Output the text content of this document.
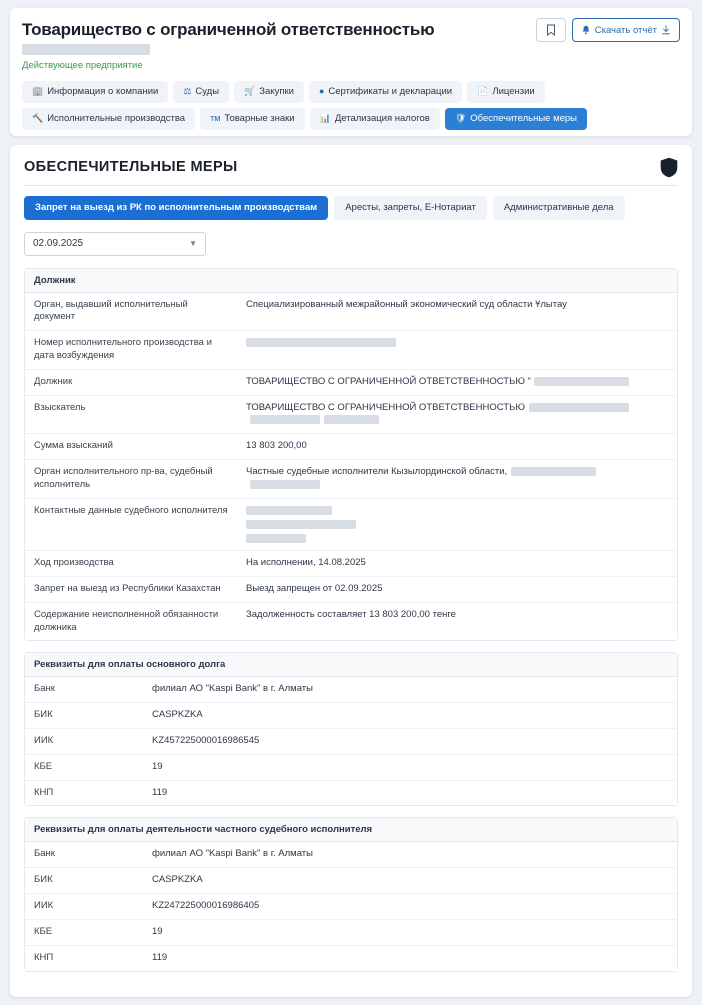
Скачать отчёт
Товарищество с ограниченной ответственностью
Действующее предприятие
🏢 Информация о компании	⚖ Суды	🛒 Закупки	● Сертификаты и декларации	📄 Лицензии
🔨 Исполнительные производства	тм Товарные знаки	📊 Детализация налогов	🛡 Обеспечительные меры
ОБЕСПЕЧИТЕЛЬНЫЕ МЕРЫ
Запрет на выезд из РК по исполнительным производствам	Аресты, запреты, Е-Нотариат	Административные дела
02.09.2025	▼
Должник
Орган, выдавший исполнительный документ	Специализированный межрайонный экономический суд области Ұлытау
Номер исполнительного производства и дата возбуждения	
Должник	ТОВАРИЩЕСТВО С ОГРАНИЧЕННОЙ ОТВЕТСТВЕННОСТЬЮ "
Взыскатель	ТОВАРИЩЕСТВО С ОГРАНИЧЕННОЙ ОТВЕТСТВЕННОСТЬЮ
Сумма взысканий	13 803 200,00
Орган исполнительного пр-ва, судебный исполнитель	Частные судебные исполнители Кызылординской области,
Контактные данные судебного исполнителя	

Ход производства	На исполнении, 14.08.2025
Запрет на выезд из Республики Казахстан	Выезд запрещен от 02.09.2025
Содержание неисполненной обязанности должника	Задолженность составляет 13 803 200,00 тенге
Реквизиты для оплаты основного долга
Банк	филиал АО "Kaspi Bank" в г. Алматы
БИК	CASPKZKA
ИИК	KZ457225000016986545
КБЕ	19
КНП	119
Реквизиты для оплаты деятельности частного судебного исполнителя
Банк	филиал АО "Kaspi Bank" в г. Алматы
БИК	CASPKZKA
ИИК	KZ247225000016986405
КБЕ	19
КНП	119
